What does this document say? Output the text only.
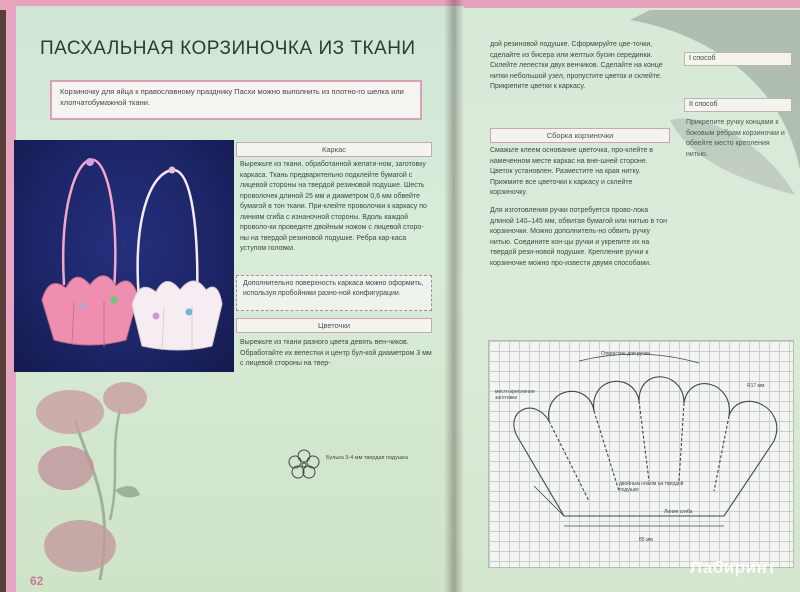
ПАСХАЛЬНАЯ КОРЗИНОЧКА ИЗ ТКАНИ
Корзиночку для яйца к православному празднику Пасхи можно выполнить из плотно-го шелка или хлопчатобумажной ткани.
Каркас
Вырежьте из ткани, обработанной желати-ном, заготовку каркаса. Ткань предварительно подклейте бумагой с лицевой стороны на твердой резиновой подушке. Шесть проволочек длиной 25 мм и диаметром 0,6 мм обвейте бумагой в тон ткани. При-клейте проволочки к каркасу по линиям сгиба с изнаночной стороны. Вдоль каждой проволо-ки проведите двойным ножом с лицевой сторо-ны на твердой резиновой подушке. Ребра кар-каса уступом головки.
Дополнительно поверхность каркаса можно оформить, используя пробойники разно-ной конфигурации.
Цветочки
Вырежьте из ткани разного цвета девять вен-чиков. Обработайте их вепестки и центр бул-кой диаметром 3 мм с лицевой стороны на твер-
Булька 3-4 мм твердая подушка
62
дой резиновой подушке. Сформируйте цве-точки, сделайте из бисера или желтых бусин серединки. Склейте лепестки двух венчиков. Сделайте на конце нитки небольшой узел, пропустите цветок и склейте. Прикрепите цветки к каркасу.
Сборка корзиночки
Смажьте клеем основание цветочка, про-клейте в намеченном месте каркас на вне-шней стороне. Цветок установлен. Разместите на края нитку. Прижмите все цветочки к каркасу и склейте корзиночку.
Для изготовления ручки потребуется прово-лока длиной 140–145 мм, обвитая бумагой или нитью в тон корзиночки. Можно дополнитель-но обвить ручку нитью. Соедините кон-цы ручки и укрепите их на твердой рези-новой подушке. Крепление ручки к корзиночке можно про-извести двумя способами.
I способ
II способ
Прикрепите ручку концами к боковым ребрам корзиночки и обвейте место крепления нитью.
Отверстие для ручки
место крепления заготовки
R17 мм
Линия сгиба
двойным ножом на твердой подушке
85 мм
Лабиринт
